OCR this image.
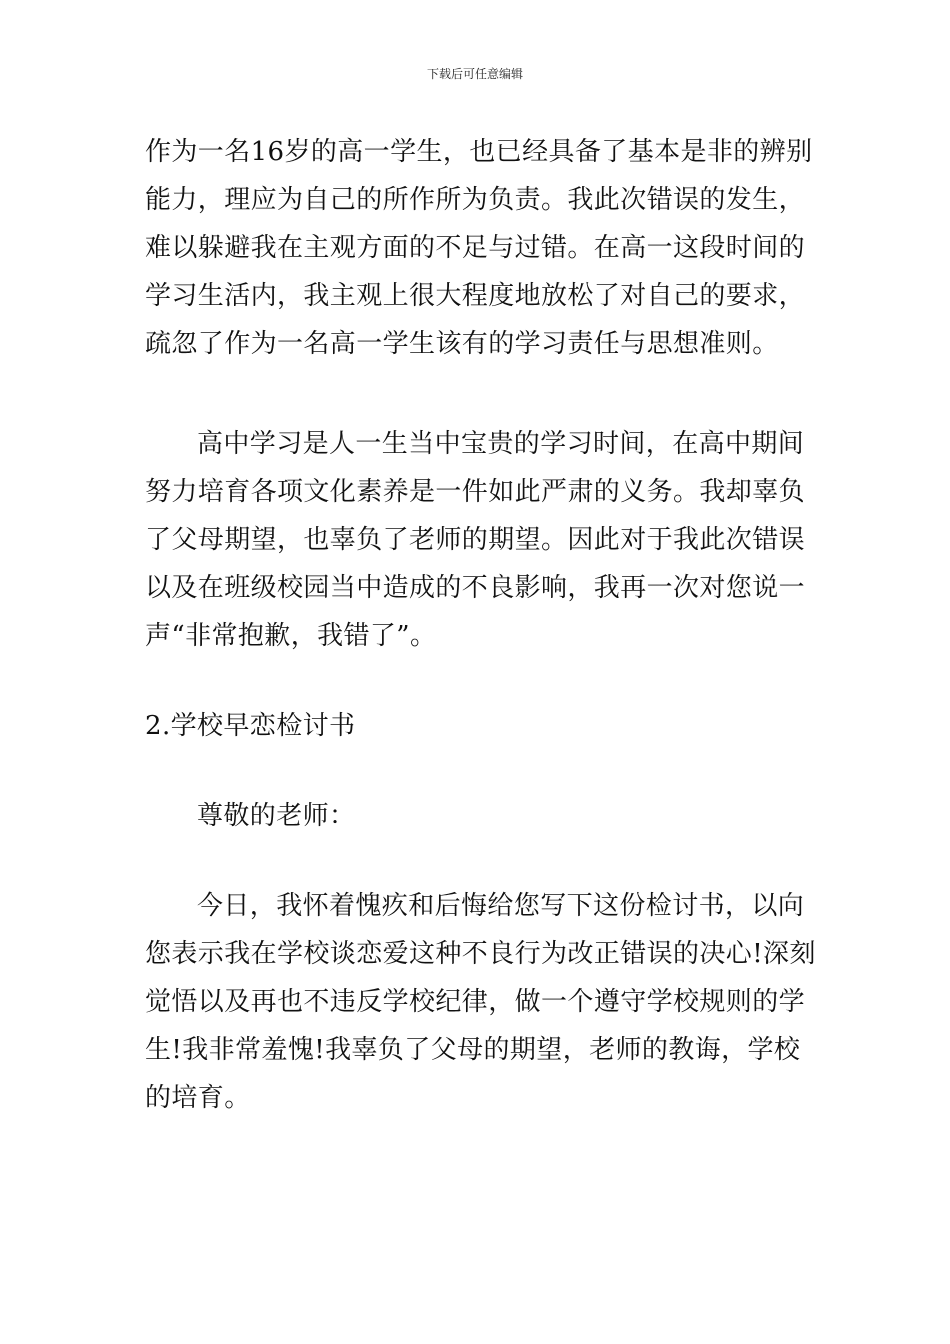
下载后可任意编辑
作为一名16岁的高一学生，也已经具备了基本是非的辨别
能力，理应为自己的所作所为负责。我此次错误的发生，
难以躲避我在主观方面的不足与过错。在高一这段时间的
学习生活内，我主观上很大程度地放松了对自己的要求，
疏忽了作为一名高一学生该有的学习责任与思想准则。
高中学习是人一生当中宝贵的学习时间，在高中期间
努力培育各项文化素养是一件如此严肃的义务。我却辜负
了父母期望，也辜负了老师的期望。因此对于我此次错误
以及在班级校园当中造成的不良影响，我再一次对您说一
声“非常抱歉，我错了”。
2.学校早恋检讨书
尊敬的老师：
今日，我怀着愧疚和后悔给您写下这份检讨书，以向
您表示我在学校谈恋爱这种不良行为改正错误的决心!深刻
觉悟以及再也不违反学校纪律，做一个遵守学校规则的学
生!我非常羞愧!我辜负了父母的期望，老师的教诲，学校
的培育。
